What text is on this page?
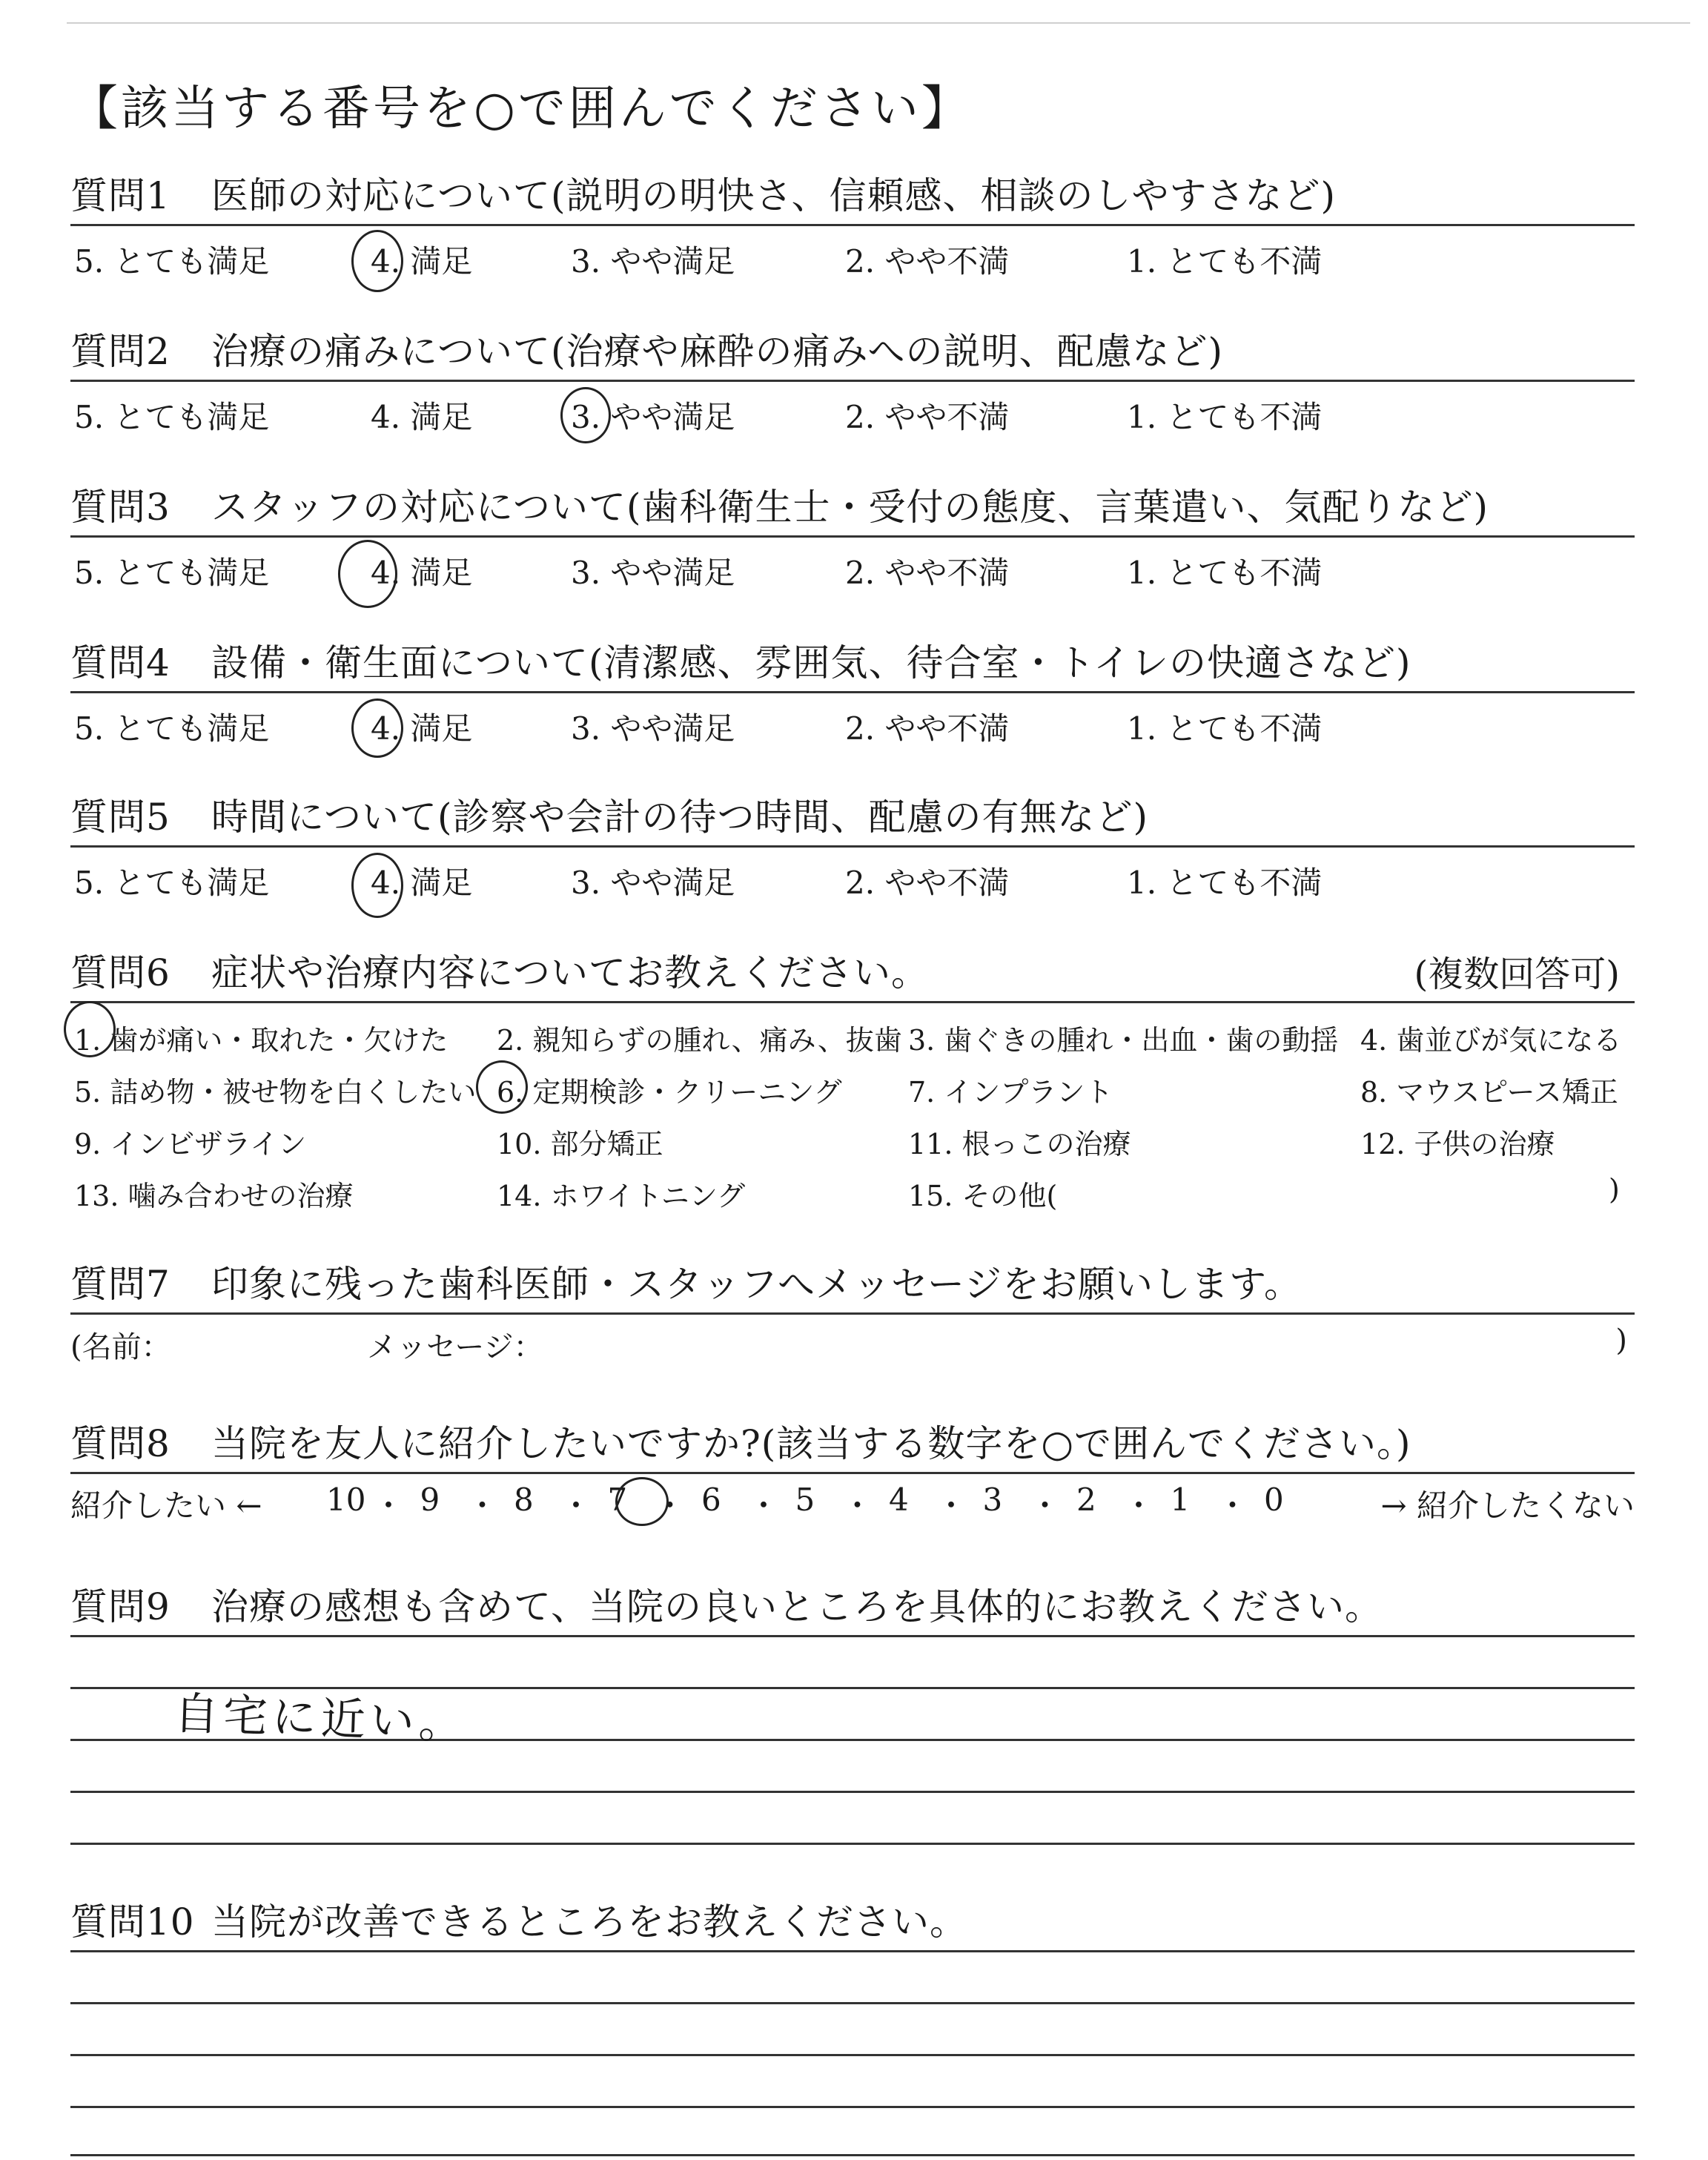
【該当する番号を○で囲んでください】
質問1 医師の対応について(説明の明快さ、信頼感、相談のしやすさなど)
5. とても満足	4. 満足	3. やや満足	2. やや不満	1. とても不満
質問2 治療の痛みについて(治療や麻酔の痛みへの説明、配慮など)
5. とても満足	4. 満足	3. やや満足	2. やや不満	1. とても不満
質問3 スタッフの対応について(歯科衛生士・受付の態度、言葉遣い、気配りなど)
5. とても満足	4. 満足	3. やや満足	2. やや不満	1. とても不満
質問4 設備・衛生面について(清潔感、雰囲気、待合室・トイレの快適さなど)
5. とても満足	4. 満足	3. やや満足	2. やや不満	1. とても不満
質問5 時間について(診察や会計の待つ時間、配慮の有無など)
5. とても満足	4. 満足	3. やや満足	2. やや不満	1. とても不満
質問6 症状や治療内容についてお教えください。	(複数回答可)
1. 歯が痛い・取れた・欠けた 2. 親知らずの腫れ、痛み、抜歯 3. 歯ぐきの腫れ・出血・歯の動揺 4. 歯並びが気になる
5. 詰め物・被せ物を白くしたい 6. 定期検診・クリーニング 7. インプラント	8. マウスピース矯正
9. インビザライン	10. 部分矯正	11. 根っこの治療	12. 子供の治療
13. 噛み合わせの治療	14. ホワイトニング	15. その他(	)
質問7 印象に残った歯科医師・スタッフへメッセージをお願いします。
(名前：	メッセージ：	)
質問8 当院を友人に紹介したいですか?(該当する数字を○で囲んでください。)
紹介したい ←	→ 紹介したくない
10 ・ 9 ・ 8 ・ 7 ・ 6 ・ 5 ・ 4 ・ 3 ・ 2 ・ 1 ・ 0
質問9 治療の感想も含めて、当院の良いところを具体的にお教えください。
自宅に近い。
質問10 当院が改善できるところをお教えください。
